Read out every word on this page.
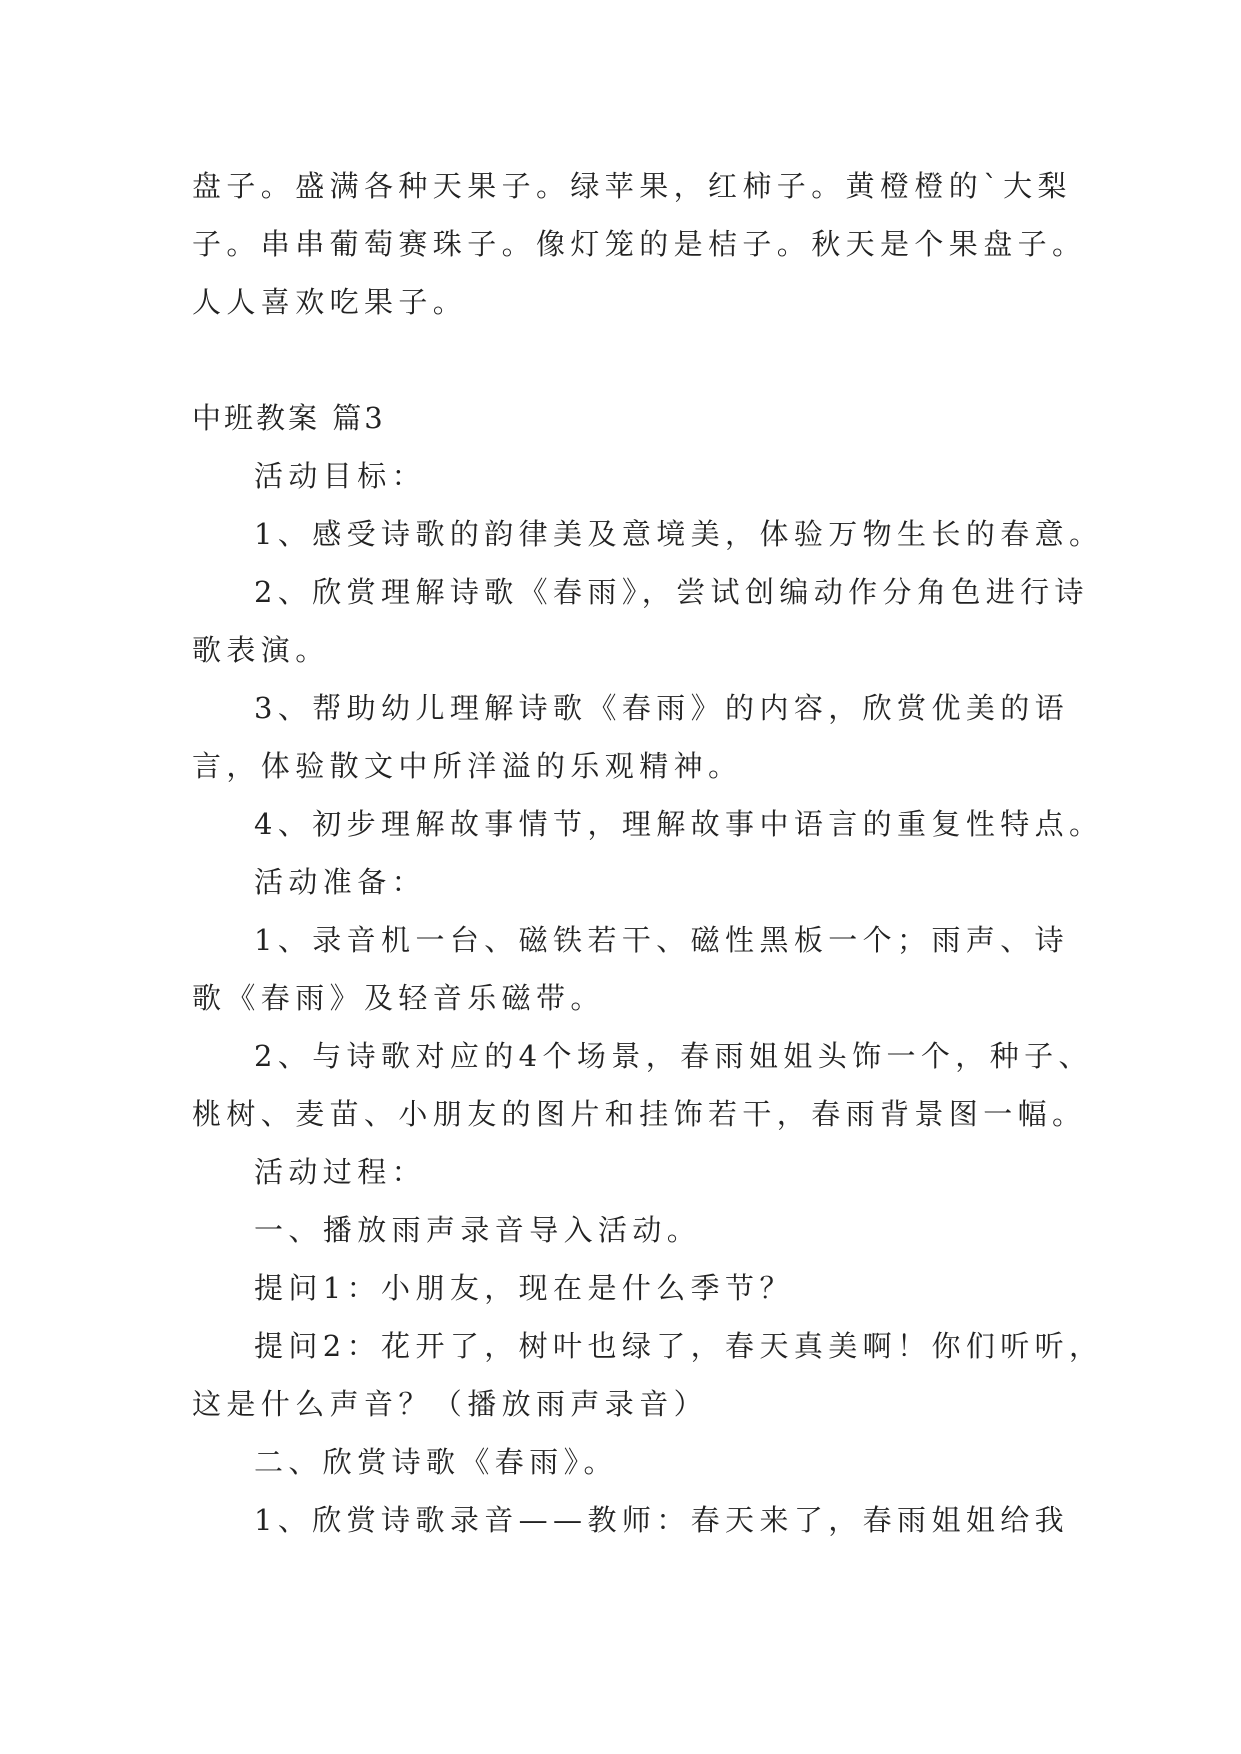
盘子。盛满各种天果子。绿苹果，红柿子。黄橙橙的`大梨
子。串串葡萄赛珠子。像灯笼的是桔子。秋天是个果盘子。
人人喜欢吃果子。
中班教案 篇3
活动目标：
1、感受诗歌的韵律美及意境美，体验万物生长的春意。
2、欣赏理解诗歌《春雨》，尝试创编动作分角色进行诗
歌表演。
3、帮助幼儿理解诗歌《春雨》的内容，欣赏优美的语
言，体验散文中所洋溢的乐观精神。
4、初步理解故事情节，理解故事中语言的重复性特点。
活动准备：
1、录音机一台、磁铁若干、磁性黑板一个；雨声、诗
歌《春雨》及轻音乐磁带。
2、与诗歌对应的4个场景，春雨姐姐头饰一个，种子、
桃树、麦苗、小朋友的图片和挂饰若干，春雨背景图一幅。
活动过程：
一、播放雨声录音导入活动。
提问1：小朋友，现在是什么季节？
提问2：花开了，树叶也绿了，春天真美啊！你们听听，
这是什么声音？（播放雨声录音）
二、欣赏诗歌《春雨》。
1、欣赏诗歌录音——教师：春天来了，春雨姐姐给我
